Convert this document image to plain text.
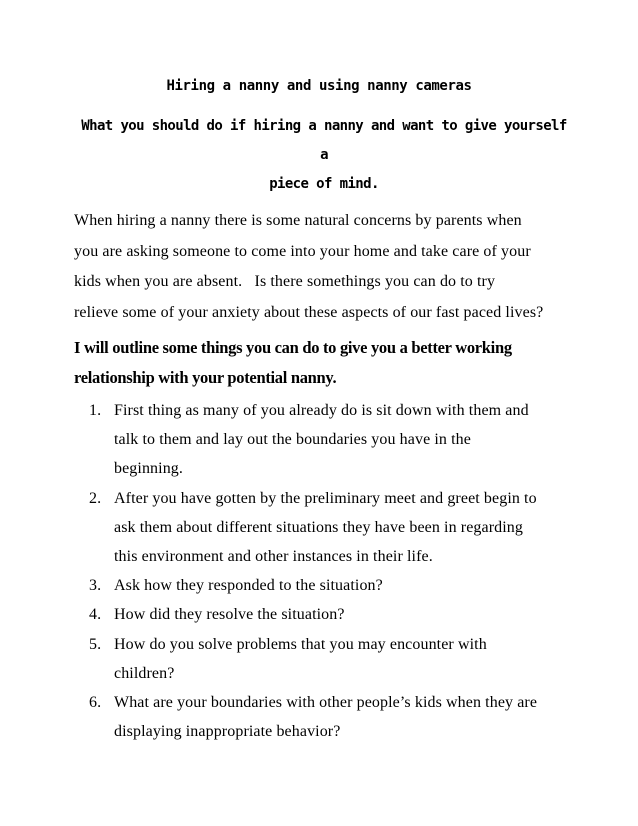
Hiring a nanny and using nanny cameras
What you should do if hiring a nanny and want to give yourself a
piece of mind.
When hiring a nanny there is some natural concerns by parents when
you are asking someone to come into your home and take care of your
kids when you are absent.   Is there somethings you can do to try
relieve some of your anxiety about these aspects of our fast paced lives?
I will outline some things you can do to give you a better working
relationship with your potential nanny.
1. First thing as many of you already do is sit down with them and
talk to them and lay out the boundaries you have in the
beginning.
2. After you have gotten by the preliminary meet and greet begin to
ask them about different situations they have been in regarding
this environment and other instances in their life.
3. Ask how they responded to the situation?
4. How did they resolve the situation?
5. How do you solve problems that you may encounter with
children?
6. What are your boundaries with other people’s kids when they are
displaying inappropriate behavior?
